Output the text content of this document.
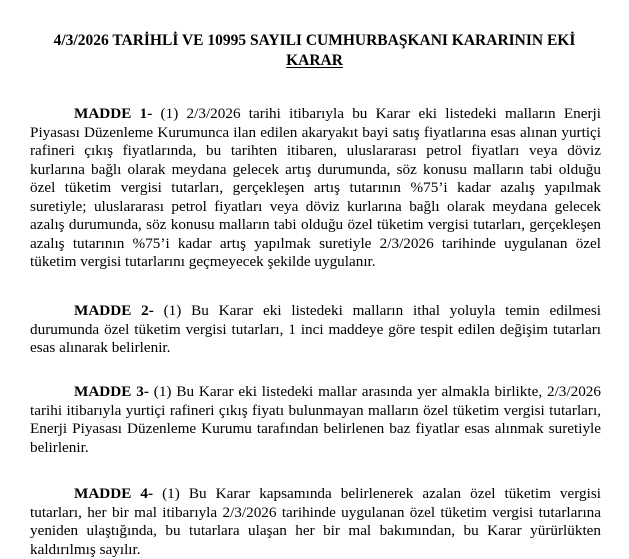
4/3/2026 TARİHLİ VE 10995 SAYILI CUMHURBAŞKANI KARARININ EKİ
KARAR

MADDE 1- (1) 2/3/2026 tarihi itibarıyla bu Karar eki listedeki malların Enerji Piyasası Düzenleme Kurumunca ilan edilen akaryakıt bayi satış fiyatlarına esas alınan yurtiçi rafineri çıkış fiyatlarında, bu tarihten itibaren, uluslararası petrol fiyatları veya döviz kurlarına bağlı olarak meydana gelecek artış durumunda, söz konusu malların tabi olduğu özel tüketim vergisi tutarları, gerçekleşen artış tutarının %75’i kadar azalış yapılmak suretiyle; uluslararası petrol fiyatları veya döviz kurlarına bağlı olarak meydana gelecek azalış durumunda, söz konusu malların tabi olduğu özel tüketim vergisi tutarları, gerçekleşen azalış tutarının %75’i kadar artış yapılmak suretiyle 2/3/2026 tarihinde uygulanan özel tüketim vergisi tutarlarını geçmeyecek şekilde uygulanır.

MADDE 2- (1) Bu Karar eki listedeki malların ithal yoluyla temin edilmesi durumunda özel tüketim vergisi tutarları, 1 inci maddeye göre tespit edilen değişim tutarları esas alınarak belirlenir.

MADDE 3- (1) Bu Karar eki listedeki mallar arasında yer almakla birlikte, 2/3/2026 tarihi itibarıyla yurtiçi rafineri çıkış fiyatı bulunmayan malların özel tüketim vergisi tutarları, Enerji Piyasası Düzenleme Kurumu tarafından belirlenen baz fiyatlar esas alınmak suretiyle belirlenir.

MADDE 4- (1) Bu Karar kapsamında belirlenerek azalan özel tüketim vergisi tutarları, her bir mal itibarıyla 2/3/2026 tarihinde uygulanan özel tüketim vergisi tutarlarına yeniden ulaştığında, bu tutarlara ulaşan her bir mal bakımından, bu Karar yürürlükten kaldırılmış sayılır.
